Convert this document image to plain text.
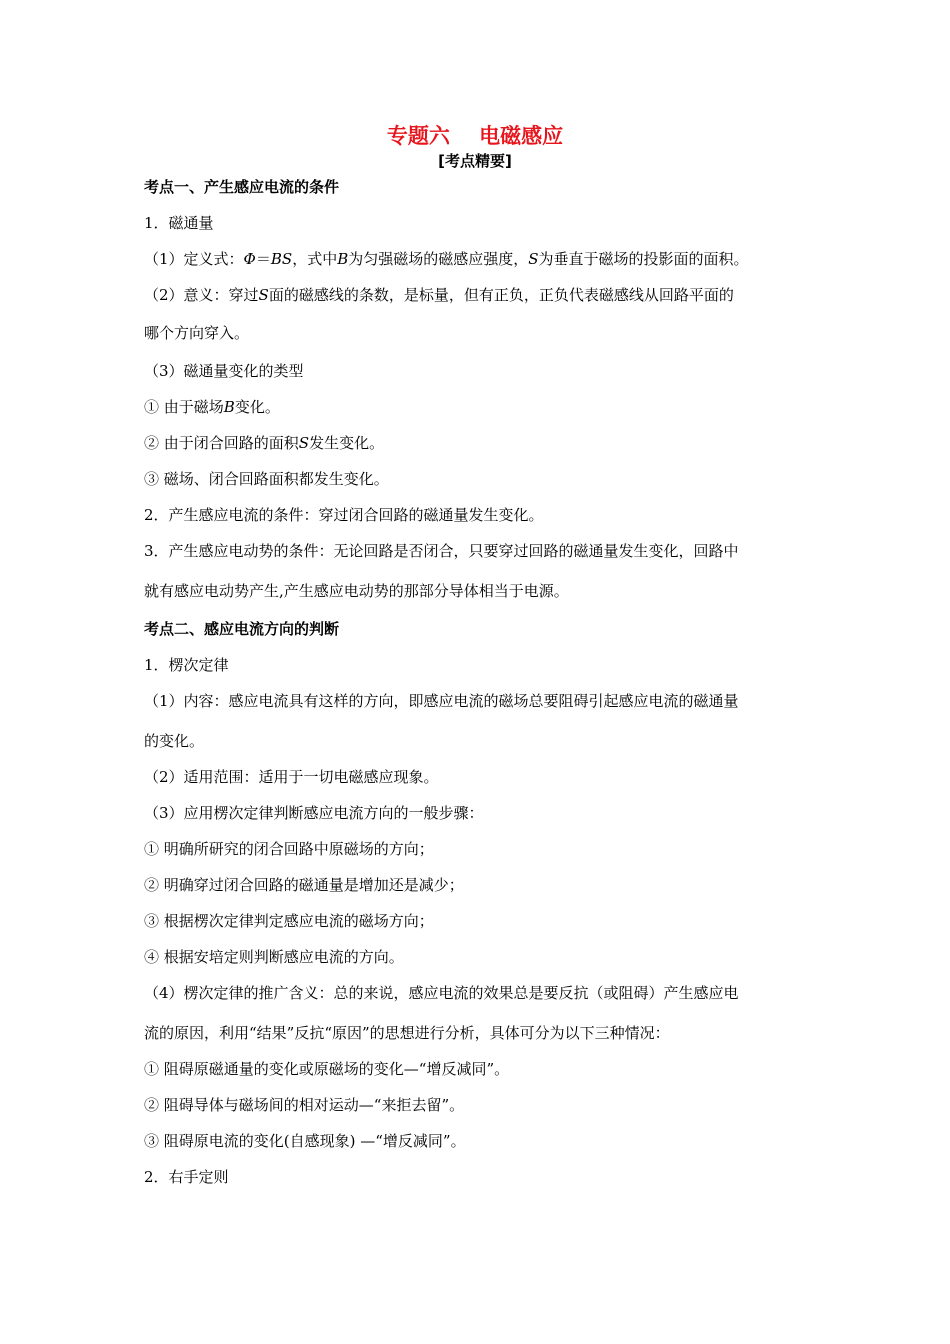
专题六    电磁感应
[考点精要]
考点一、产生感应电流的条件
1．磁通量
（1）定义式：Φ＝BS，式中B为匀强磁场的磁感应强度，S为垂直于磁场的投影面的面积。
（2）意义：穿过S面的磁感线的条数，是标量，但有正负，正负代表磁感线从回路平面的
哪个方向穿入。
（3）磁通量变化的类型
① 由于磁场B变化。
② 由于闭合回路的面积S发生变化。
③ 磁场、闭合回路面积都发生变化。
2．产生感应电流的条件：穿过闭合回路的磁通量发生变化。
3．产生感应电动势的条件：无论回路是否闭合，只要穿过回路的磁通量发生变化，回路中
就有感应电动势产生,产生感应电动势的那部分导体相当于电源。
考点二、感应电流方向的判断
1．楞次定律
（1）内容：感应电流具有这样的方向，即感应电流的磁场总要阻碍引起感应电流的磁通量
的变化。
（2）适用范围：适用于一切电磁感应现象。
（3）应用楞次定律判断感应电流方向的一般步骤：
① 明确所研究的闭合回路中原磁场的方向；
② 明确穿过闭合回路的磁通量是增加还是减少；
③ 根据楞次定律判定感应电流的磁场方向；
④ 根据安培定则判断感应电流的方向。
（4）楞次定律的推广含义：总的来说，感应电流的效果总是要反抗（或阻碍）产生感应电
流的原因，利用“结果”反抗“原因”的思想进行分析，具体可分为以下三种情况：
① 阻碍原磁通量的变化或原磁场的变化—“增反减同”。
② 阻碍导体与磁场间的相对运动—“来拒去留”。
③ 阻碍原电流的变化(自感现象) —“增反减同”。
2．右手定则
